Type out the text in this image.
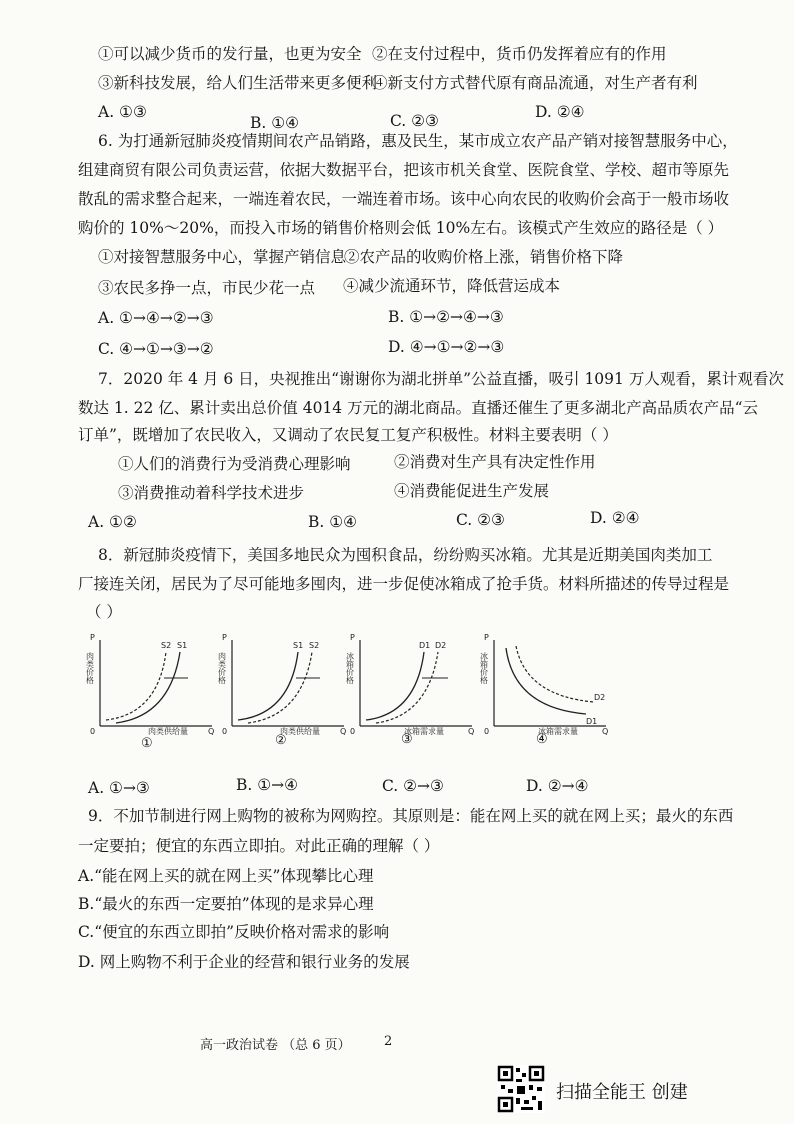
①可以减少货币的发行量，也更为安全 ②在支付过程中，货币仍发挥着应有的作用
③新科技发展，给人们生活带来更多便利
④新支付方式替代原有商品流通，对生产者有利
A. ①③
B. ①④	C. ②③	D. ②④
6. 为打通新冠肺炎疫情期间农产品销路，惠及民生，某市成立农产品产销对接智慧服务中心，
组建商贸有限公司负责运营，依据大数据平台，把该市机关食堂、医院食堂、学校、超市等原先
散乱的需求整合起来，一端连着农民，一端连着市场。该中心向农民的收购价会高于一般市场收
购价的 10%～20%，而投入市场的销售价格则会低 10%左右。该模式产生效应的路径是（ ）
①对接智慧服务中心，掌握产销信息
②农产品的收购价格上涨，销售价格下降
③农民多挣一点，市民少花一点 ④减少流通环节，降低营运成本
A. ①→④→②→③	B. ①→②→④→③
C. ④→①→③→②	D. ④→①→②→③
7．2020 年 4 月 6 日，央视推出“谢谢你为湖北拼单”公益直播，吸引 1091 万人观看，累计观看次
数达 1. 22 亿、累计卖出总价值 4014 万元的湖北商品。直播还催生了更多湖北产高品质农产品“云
订单”，既增加了农民收入，又调动了农民复工复产积极性。材料主要表明（ ）
①人们的消费行为受消费心理影响	②消费对生产具有决定性作用
③消费推动着科学技术进步	④消费能促进生产发展
A. ①②	B. ①④	C. ②③	D. ②④
8．新冠肺炎疫情下，美国多地民众为囤积食品，纷纷购买冰箱。尤其是近期美国肉类加工
厂接连关闭，居民为了尽可能地多囤肉，进一步促使冰箱成了抢手货。材料所描述的传导过程是
（ ）
P
0	Q
肉类价格
肉类供给量
S2 S1
①
P
0	Q
肉类价格
肉类供给量
S1 S2
②
P
0	Q
冰箱价格
冰箱需求量
D1 D2
③
P
0	Q
冰箱价格
冰箱需求量
D2
D1
④
A. ①→③	B. ①→④	C. ②→③	D. ②→④
9．不加节制进行网上购物的被称为网购控。其原则是：能在网上买的就在网上买；最火的东西
一定要拍；便宜的东西立即拍。对此正确的理解（ ）
A.“能在网上买的就在网上买”体现攀比心理
B.“最火的东西一定要拍”体现的是求异心理
C.“便宜的东西立即拍”反映价格对需求的影响
D. 网上购物不利于企业的经营和银行业务的发展
高一政治试卷 （总 6 页）	2
扫描全能王 创建
